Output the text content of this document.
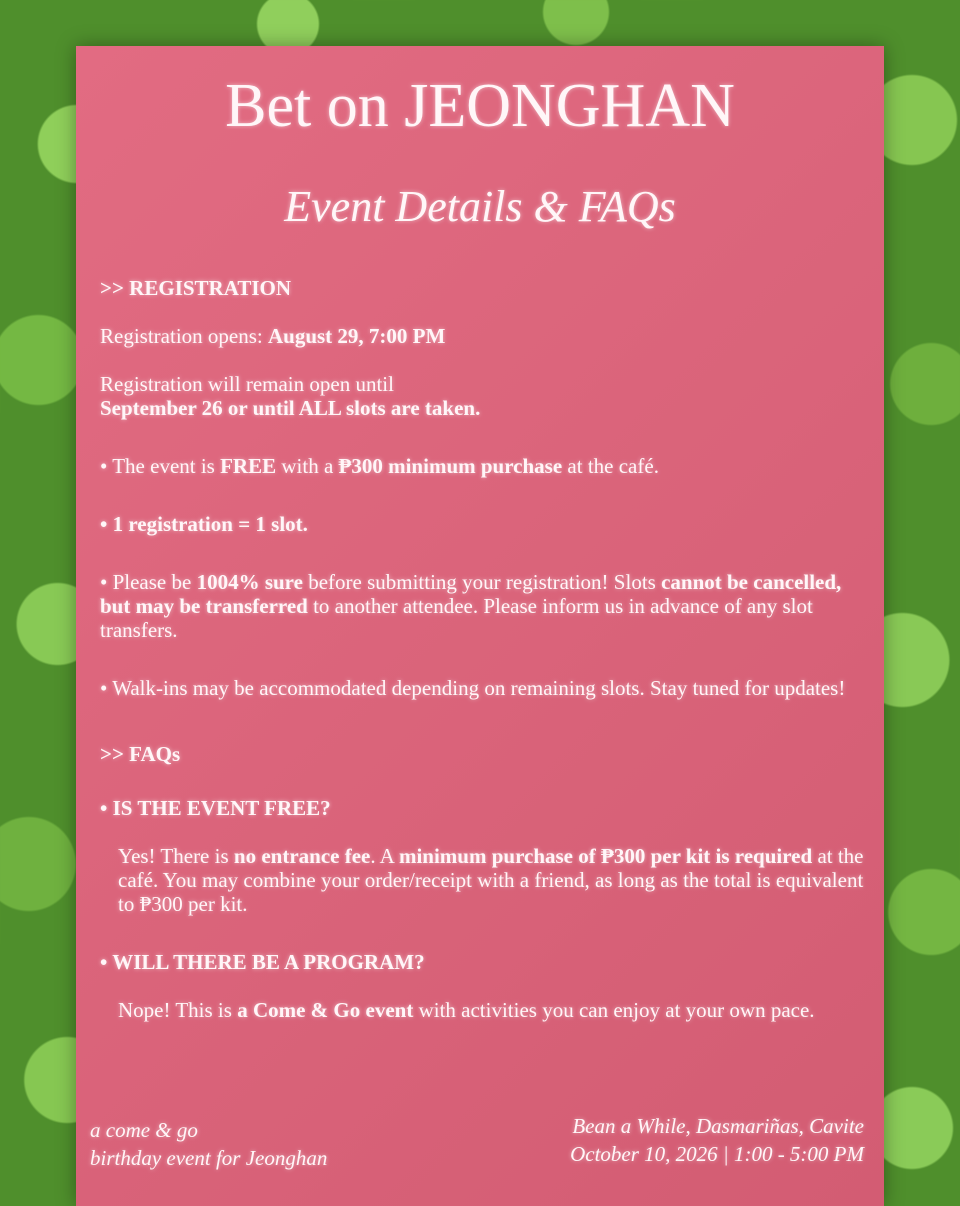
Bet on JEONGHAN
Event Details & FAQs

>> REGISTRATION

Registration opens: August 29, 7:00 PM

Registration will remain open until
September 26 or until ALL slots are taken.

• The event is FREE with a ₱300 minimum purchase at the café.

• 1 registration = 1 slot.

• Please be 1004% sure before submitting your registration! Slots cannot be cancelled, but may be transferred to another attendee. Please inform us in advance of any slot transfers.

• Walk-ins may be accommodated depending on remaining slots. Stay tuned for updates!

>> FAQs

• IS THE EVENT FREE?

Yes! There is no entrance fee. A minimum purchase of ₱300 per kit is required at the café. You may combine your order/receipt with a friend, as long as the total is equivalent to ₱300 per kit.

• WILL THERE BE A PROGRAM?

Nope! This is a Come & Go event with activities you can enjoy at your own pace.

a come & go
birthday event for Jeonghan
Bean a While, Dasmariñas, Cavite
October 10, 2026 | 1:00 - 5:00 PM
